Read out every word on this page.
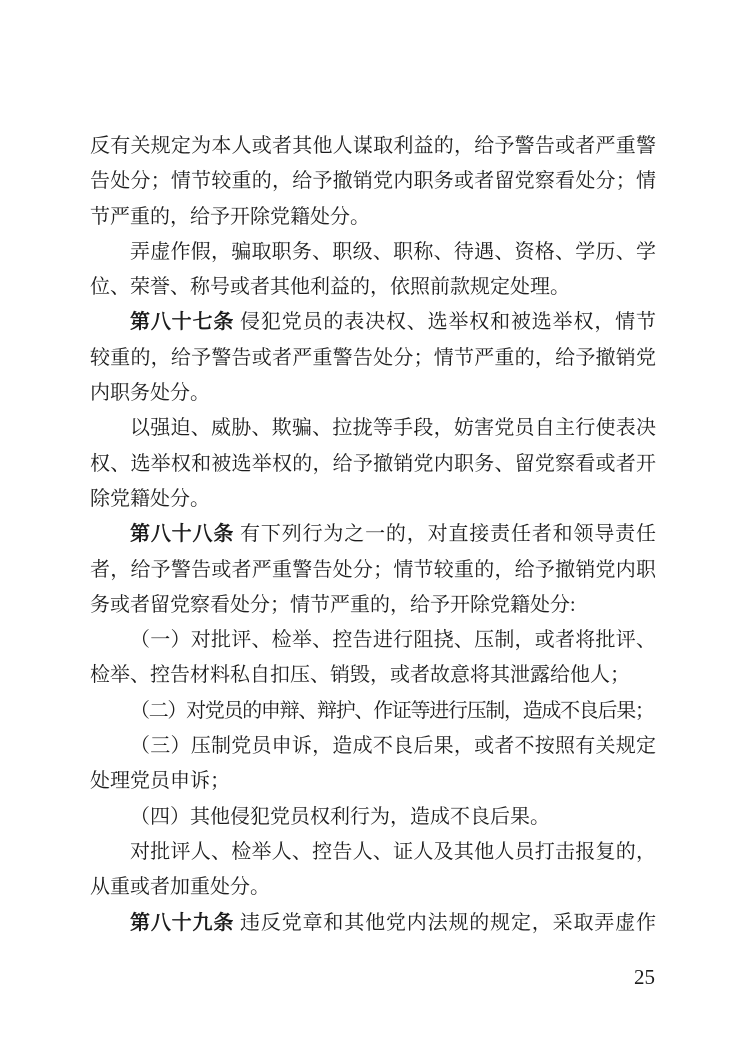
反有关规定为本人或者其他人谋取利益的，给予警告或者严重警
告处分；情节较重的，给予撤销党内职务或者留党察看处分；情
节严重的，给予开除党籍处分。
弄虚作假，骗取职务、职级、职称、待遇、资格、学历、学
位、荣誉、称号或者其他利益的，依照前款规定处理。
第八十七条 侵犯党员的表决权、选举权和被选举权，情节
较重的，给予警告或者严重警告处分；情节严重的，给予撤销党
内职务处分。
以强迫、威胁、欺骗、拉拢等手段，妨害党员自主行使表决
权、选举权和被选举权的，给予撤销党内职务、留党察看或者开
除党籍处分。
第八十八条 有下列行为之一的，对直接责任者和领导责任
者，给予警告或者严重警告处分；情节较重的，给予撤销党内职
务或者留党察看处分；情节严重的，给予开除党籍处分:
（一）对批评、检举、控告进行阻挠、压制，或者将批评、
检举、控告材料私自扣压、销毁，或者故意将其泄露给他人；
（二）对党员的申辩、辩护、作证等进行压制，造成不良后果；
（三）压制党员申诉，造成不良后果，或者不按照有关规定
处理党员申诉；
（四）其他侵犯党员权利行为，造成不良后果。
对批评人、检举人、控告人、证人及其他人员打击报复的，
从重或者加重处分。
第八十九条 违反党章和其他党内法规的规定，采取弄虚作
25
